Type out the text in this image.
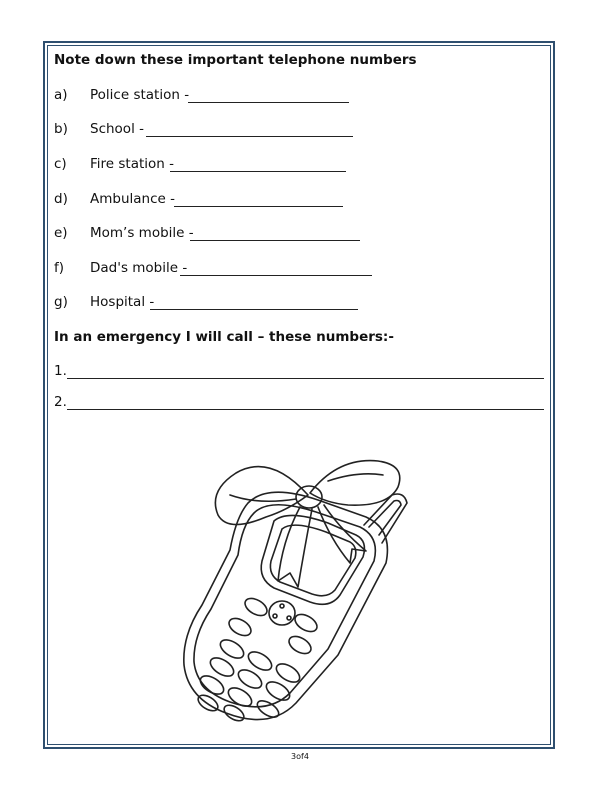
Note down these important telephone numbers
a) Police station -
b) School -
c) Fire station -
d) Ambulance -
e) Mom’s mobile -
f) Dad's mobile -
g) Hospital -
In an emergency I will call – these numbers:-
1.
2.
3of4
